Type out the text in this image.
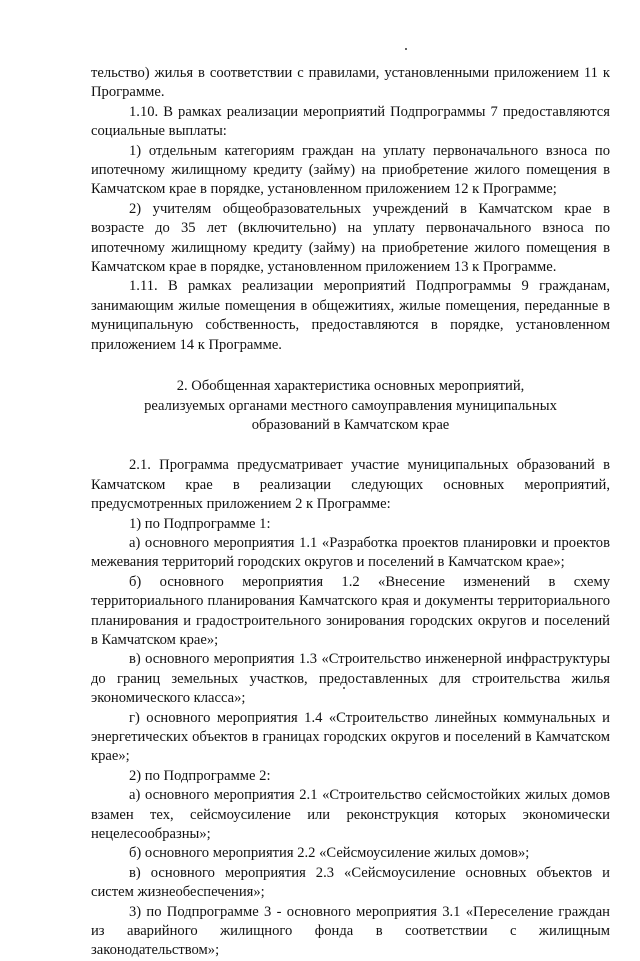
тельство) жилья в соответствии с правилами, установленными приложением 11 к Программе.

1.10. В рамках реализации мероприятий Подпрограммы 7 предоставляются социальные выплаты:

1) отдельным категориям граждан на уплату первоначального взноса по ипотечному жилищному кредиту (займу) на приобретение жилого помещения в Камчатском крае в порядке, установленном приложением 12 к Программе;

2) учителям общеобразовательных учреждений в Камчатском крае в возрасте до 35 лет (включительно) на уплату первоначального взноса по ипотечному жилищному кредиту (займу) на приобретение жилого помещения в Камчатском крае в порядке, установленном приложением 13 к Программе.

1.11. В рамках реализации мероприятий Подпрограммы 9 гражданам, занимающим жилые помещения в общежитиях, жилые помещения, переданные в муниципальную собственность, предоставляются в порядке, установленном приложением 14 к Программе.

2. Обобщенная характеристика основных мероприятий,
реализуемых органами местного самоуправления муниципальных
образований в Камчатском крае

2.1. Программа предусматривает участие муниципальных образований в Камчатском крае в реализации следующих основных мероприятий, предусмотренных приложением 2 к Программе:

1) по Подпрограмме 1:

а) основного мероприятия 1.1 «Разработка проектов планировки и проектов межевания территорий городских округов и поселений в Камчатском крае»;

б) основного мероприятия 1.2 «Внесение изменений в схему территориального планирования Камчатского края и документы территориального планирования и градостроительного зонирования городских округов и поселений в Камчатском крае»;

в) основного мероприятия 1.3 «Строительство инженерной инфраструктуры до границ земельных участков, предоставленных для строительства жилья экономического класса»;

г) основного мероприятия 1.4 «Строительство линейных коммунальных и энергетических объектов в границах городских округов и поселений в Камчатском крае»;

2) по Подпрограмме 2:

а) основного мероприятия 2.1 «Строительство сейсмостойких жилых домов взамен тех, сейсмоусиление или реконструкция которых экономически нецелесообразны»;

б) основного мероприятия 2.2 «Сейсмоусиление жилых домов»;

в) основного мероприятия 2.3 «Сейсмоусиление основных объектов и систем жизнеобеспечения»;

3) по Подпрограмме 3 - основного мероприятия 3.1 «Переселение граждан из аварийного жилищного фонда в соответствии с жилищным законодательством»;
